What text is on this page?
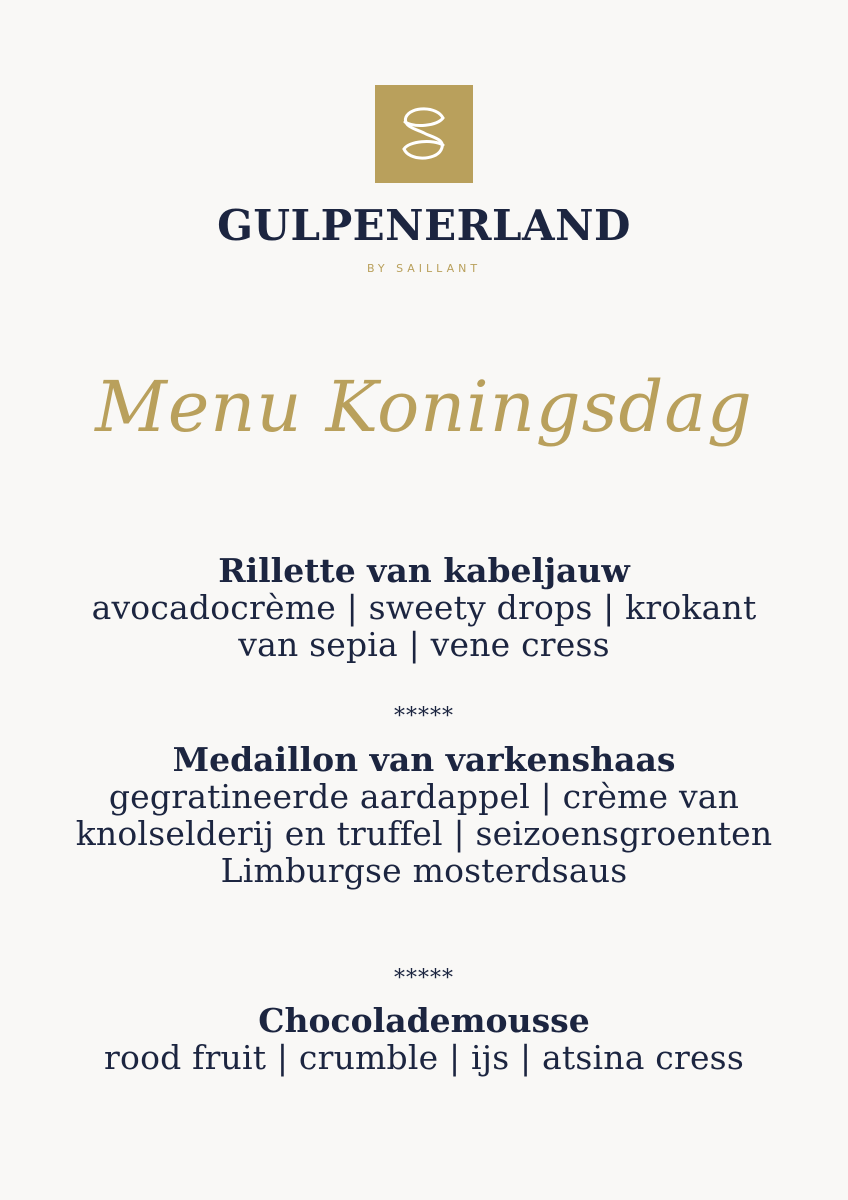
GULPENERLAND
BY SAILLANT
Menu Koningsdag
Rillette van kabeljauw
avocadocrème | sweety drops | krokant
van sepia | vene cress
*****
Medaillon van varkenshaas
gegratineerde aardappel | crème van
knolselderij en truffel | seizoensgroenten
Limburgse mosterdsaus
*****
Chocolademousse
rood fruit | crumble | ijs | atsina cress
